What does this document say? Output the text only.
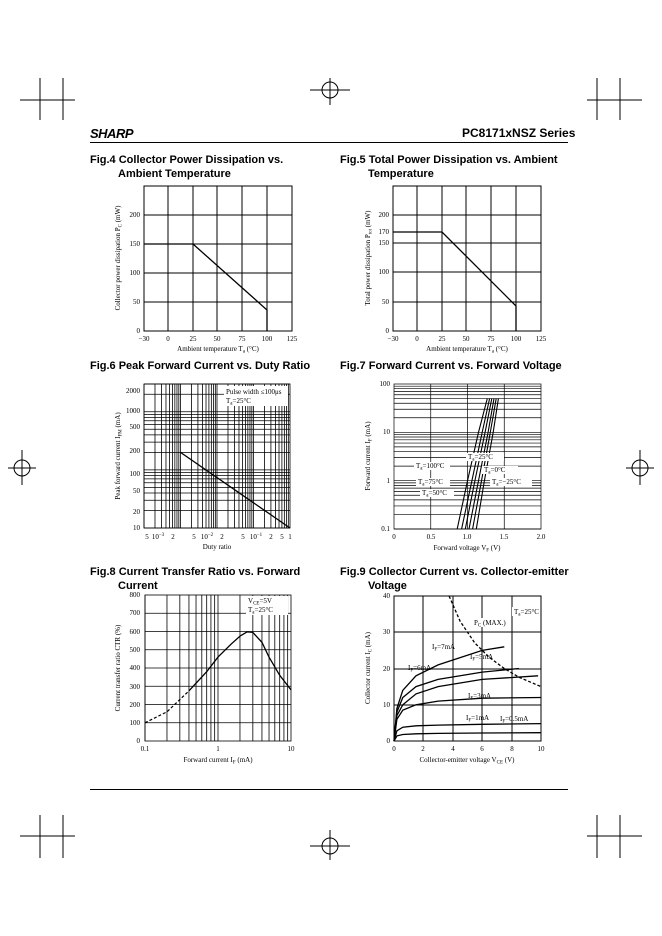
SHARP	PC8171xNSZ Series
Fig.4 Collector Power Dissipation vs.
Ambient Temperature
Fig.5 Total Power Dissipation vs. Ambient
Temperature
Fig.6 Peak Forward Current vs. Duty Ratio	Fig.7 Forward Current vs. Forward Voltage
Fig.8 Current Transfer Ratio vs. Forward
Current
Fig.9 Collector Current vs. Collector-emitter
Voltage
0
50
100
150
200
−30 0	25 50	75 100 125
Ambient temperature $T_a$ (°C)
Collector power dissipation $P_C$ (mW)
0
50
100
150
170
200
−30 0	25 50	75 100 125
Ambient temperature $T_a$ (°C)
Total power dissipation $P_{tot}$ (mW)
Pulse width ≤100μs
$T_a=25^\circ C$
10
20
50
100
200
500
1000
2000
5 $10^{-3}$ 2	5 $10^{-2}$ 2	5 $10^{-1}$ 2 5 1
Duty ratio
Peak forward current $I_{FM}$ (mA)
$T_a=25^\circ C$
$T_a=100^\circ C$	$T_a=0^\circ C$
$T_a=75^\circ C$	$T_a=-25^\circ C$
$T_a=50^\circ C$
0.1
1
10
100
0	0.5	1.0	1.5	2.0
Forward voltage $V_F$ (V)
Forward current $I_F$ (mA)
$V_{CE}=5V$
$T_a=25^\circ C$
0
100
200
300
400
500
600
700
800
0.1	1	10
Forward current $I_F$ (mA)
Current transfer ratio CTR (%)
$T_a=25^\circ C$
$P_C$ (MAX.)
$I_F=7mA$
$I_F=6mA$
$I_F=5mA$
$I_F=3mA$
$I_F=1mA$ $I_F=0.5mA$
0
10
20
30
40
0	2	4	6	8	10
Collector-emitter voltage $V_{CE}$ (V)
Collector current $I_C$ (mA)
